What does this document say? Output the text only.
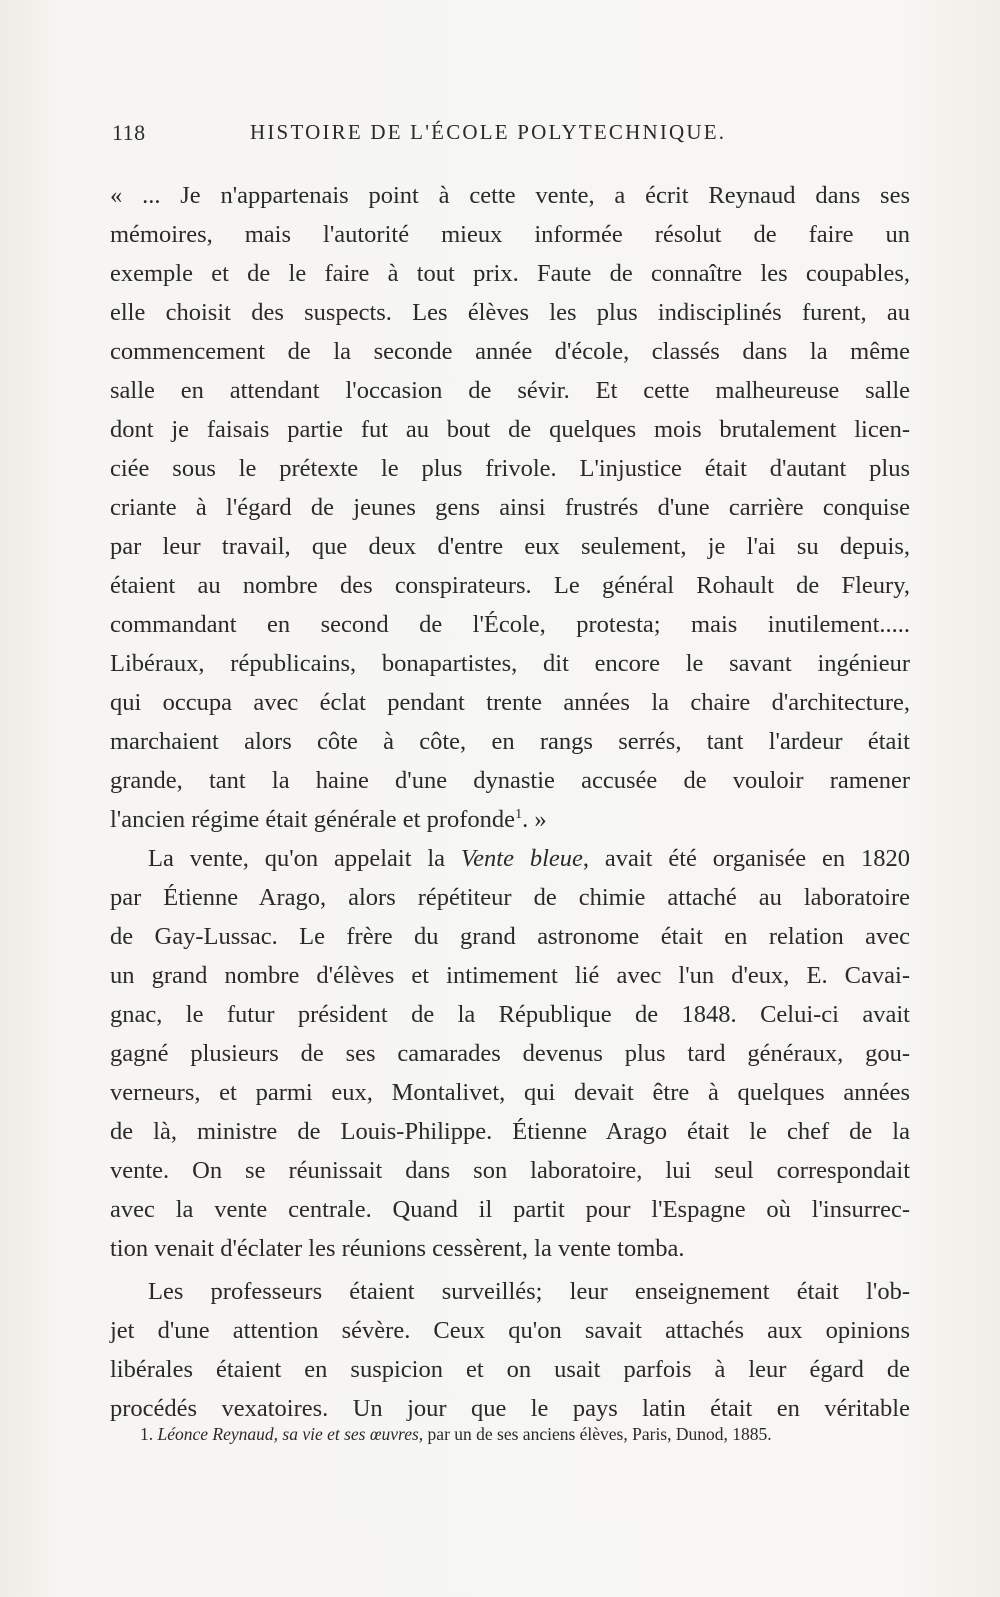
118	HISTOIRE DE L'ÉCOLE POLYTECHNIQUE.
« ... Je n'appartenais point à cette vente, a écrit Reynaud dans ses
mémoires, mais l'autorité mieux informée résolut de faire un
exemple et de le faire à tout prix. Faute de connaître les coupables,
elle choisit des suspects. Les élèves les plus indisciplinés furent, au
commencement de la seconde année d'école, classés dans la même
salle en attendant l'occasion de sévir. Et cette malheureuse salle
dont je faisais partie fut au bout de quelques mois brutalement licen-
ciée sous le prétexte le plus frivole. L'injustice était d'autant plus
criante à l'égard de jeunes gens ainsi frustrés d'une carrière conquise
par leur travail, que deux d'entre eux seulement, je l'ai su depuis,
étaient au nombre des conspirateurs. Le général Rohault de Fleury,
commandant en second de l'École, protesta; mais inutilement.....
Libéraux, républicains, bonapartistes, dit encore le savant ingénieur
qui occupa avec éclat pendant trente années la chaire d'architecture,
marchaient alors côte à côte, en rangs serrés, tant l'ardeur était
grande, tant la haine d'une dynastie accusée de vouloir ramener
l'ancien régime était générale et profonde$^1$. »
La vente, qu'on appelait la Vente bleue, avait été organisée en 1820
par Étienne Arago, alors répétiteur de chimie attaché au laboratoire
de Gay-Lussac. Le frère du grand astronome était en relation avec
un grand nombre d'élèves et intimement lié avec l'un d'eux, E. Cavai-
gnac, le futur président de la République de 1848. Celui-ci avait
gagné plusieurs de ses camarades devenus plus tard généraux, gou-
verneurs, et parmi eux, Montalivet, qui devait être à quelques années
de là, ministre de Louis-Philippe. Étienne Arago était le chef de la
vente. On se réunissait dans son laboratoire, lui seul correspondait
avec la vente centrale. Quand il partit pour l'Espagne où l'insurrec-
tion venait d'éclater les réunions cessèrent, la vente tomba.
Les professeurs étaient surveillés; leur enseignement était l'ob-
jet d'une attention sévère. Ceux qu'on savait attachés aux opinions
libérales étaient en suspicion et on usait parfois à leur égard de
procédés vexatoires. Un jour que le pays latin était en véritable
1. Léonce Reynaud, sa vie et ses œuvres, par un de ses anciens élèves, Paris, Dunod, 1885.
